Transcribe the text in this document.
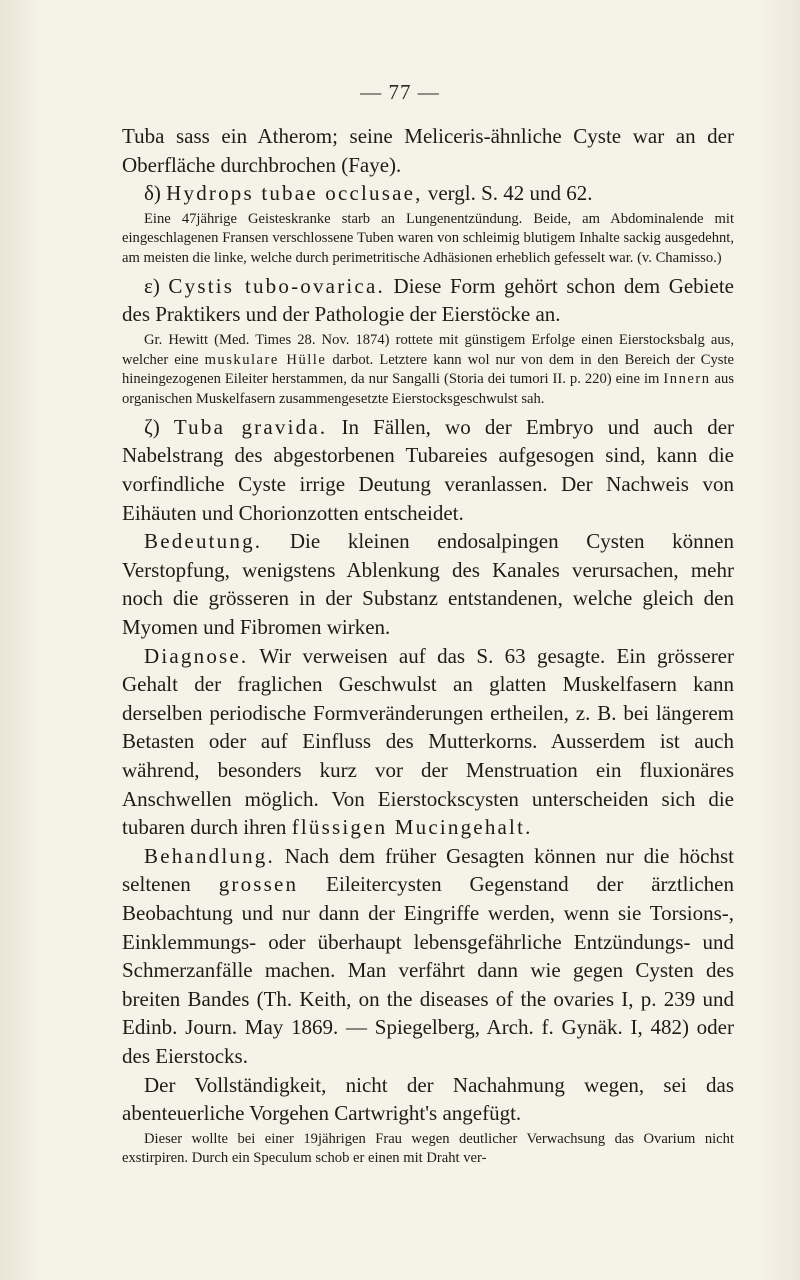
— 77 —

Tuba sass ein Atherom; seine Meliceris-ähnliche Cyste war an der Oberfläche durchbrochen (Faye).

δ) Hydrops tubae occlusae, vergl. S. 42 und 62.

Eine 47jährige Geisteskranke starb an Lungenentzündung. Beide, am Abdominalende mit eingeschlagenen Fransen verschlossene Tuben waren von schleimig blutigem Inhalte sackig ausgedehnt, am meisten die linke, welche durch perimetritische Adhäsionen erheblich gefesselt war. (v. Chamisso.)

ε) Cystis tubo-ovarica. Diese Form gehört schon dem Gebiete des Praktikers und der Pathologie der Eierstöcke an.

Gr. Hewitt (Med. Times 28. Nov. 1874) rottete mit günstigem Erfolge einen Eierstocksbalg aus, welcher eine muskulare Hülle darbot. Letztere kann wol nur von dem in den Bereich der Cyste hineingezogenen Eileiter herstammen, da nur Sangalli (Storia dei tumori II. p. 220) eine im Innern aus organischen Muskelfasern zusammengesetzte Eierstocksgeschwulst sah.

ζ) Tuba gravida. In Fällen, wo der Embryo und auch der Nabelstrang des abgestorbenen Tubareies aufgesogen sind, kann die vorfindliche Cyste irrige Deutung veranlassen. Der Nachweis von Eihäuten und Chorionzotten entscheidet.

Bedeutung. Die kleinen endosalpingen Cysten können Verstopfung, wenigstens Ablenkung des Kanales verursachen, mehr noch die grösseren in der Substanz entstandenen, welche gleich den Myomen und Fibromen wirken.

Diagnose. Wir verweisen auf das S. 63 gesagte. Ein grösserer Gehalt der fraglichen Geschwulst an glatten Muskelfasern kann derselben periodische Formveränderungen ertheilen, z. B. bei längerem Betasten oder auf Einfluss des Mutterkorns. Ausserdem ist auch während, besonders kurz vor der Menstruation ein fluxionäres Anschwellen möglich. Von Eierstockscysten unterscheiden sich die tubaren durch ihren flüssigen Mucingehalt.

Behandlung. Nach dem früher Gesagten können nur die höchst seltenen grossen Eileitercysten Gegenstand der ärztlichen Beobachtung und nur dann der Eingriffe werden, wenn sie Torsions-, Einklemmungs- oder überhaupt lebensgefährliche Entzündungs- und Schmerzanfälle machen. Man verfährt dann wie gegen Cysten des breiten Bandes (Th. Keith, on the diseases of the ovaries I, p. 239 und Edinb. Journ. May 1869. — Spiegelberg, Arch. f. Gynäk. I, 482) oder des Eierstocks.

Der Vollständigkeit, nicht der Nachahmung wegen, sei das abenteuerliche Vorgehen Cartwright's angefügt.

Dieser wollte bei einer 19jährigen Frau wegen deutlicher Verwachsung das Ovarium nicht exstirpiren. Durch ein Speculum schob er einen mit Draht ver-
